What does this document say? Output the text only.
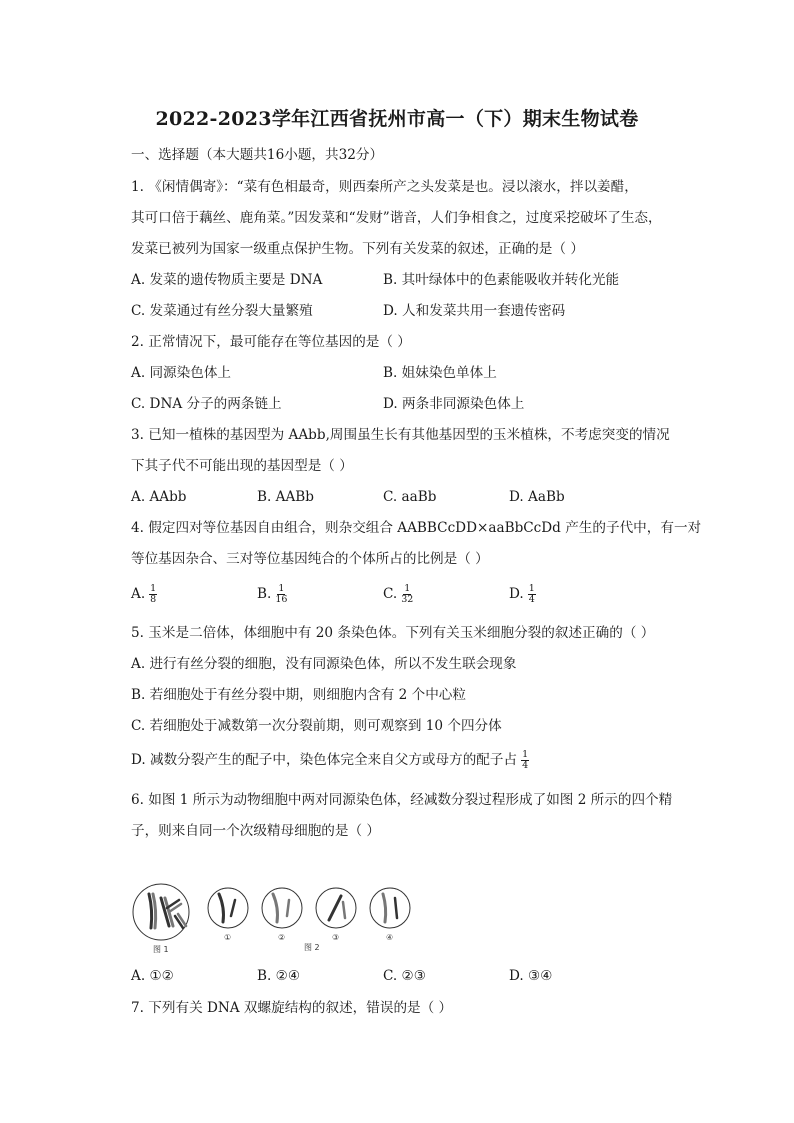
2022-2023学年江西省抚州市高一（下）期末生物试卷
一、选择题（本大题共16小题，共32分）
1. 《闲情偶寄》：“菜有色相最奇，则西秦所产之头发菜是也。浸以滚水，拌以姜醋，
其可口倍于藕丝、鹿角菜。”因发菜和“发财”谐音，人们争相食之，过度采挖破坏了生态，
发菜已被列为国家一级重点保护生物。下列有关发菜的叙述，正确的是（ ）
A. 发菜的遗传物质主要是 DNA	B. 其叶绿体中的色素能吸收并转化光能
C. 发菜通过有丝分裂大量繁殖	D. 人和发菜共用一套遗传密码
2. 正常情况下，最可能存在等位基因的是（ ）
A. 同源染色体上	B. 姐妹染色单体上
C. DNA 分子的两条链上	D. 两条非同源染色体上
3. 已知一植株的基因型为 AAbb,周围虽生长有其他基因型的玉米植株，不考虑突变的情况
下其子代不可能出现的基因型是（ ）
A. AAbb	B. AABb	C. aaBb	D. AaBb
4. 假定四对等位基因自由组合，则杂交组合 AABBCcDD×aaBbCcDd 产生的子代中，有一对
等位基因杂合、三对等位基因纯合的个体所占的比例是（ ）
A. $\frac{1}{8}$	B. $\frac{1}{16}$	C. $\frac{1}{32}$	D. $\frac{1}{4}$
5. 玉米是二倍体，体细胞中有 20 条染色体。下列有关玉米细胞分裂的叙述正确的（ ）
A. 进行有丝分裂的细胞，没有同源染色体，所以不发生联会现象
B. 若细胞处于有丝分裂中期，则细胞内含有 2 个中心粒
C. 若细胞处于减数第一次分裂前期，则可观察到 10 个四分体
D. 减数分裂产生的配子中，染色体完全来自父方或母方的配子占 $\frac{1}{4}$
6. 如图 1 所示为动物细胞中两对同源染色体，经减数分裂过程形成了如图 2 所示的四个精
子，则来自同一个次级精母细胞的是（ ）
图 1
①	②
图 2
③	④
A. ①②	B. ②④	C. ②③	D. ③④
7. 下列有关 DNA 双螺旋结构的叙述，错误的是（ ）
